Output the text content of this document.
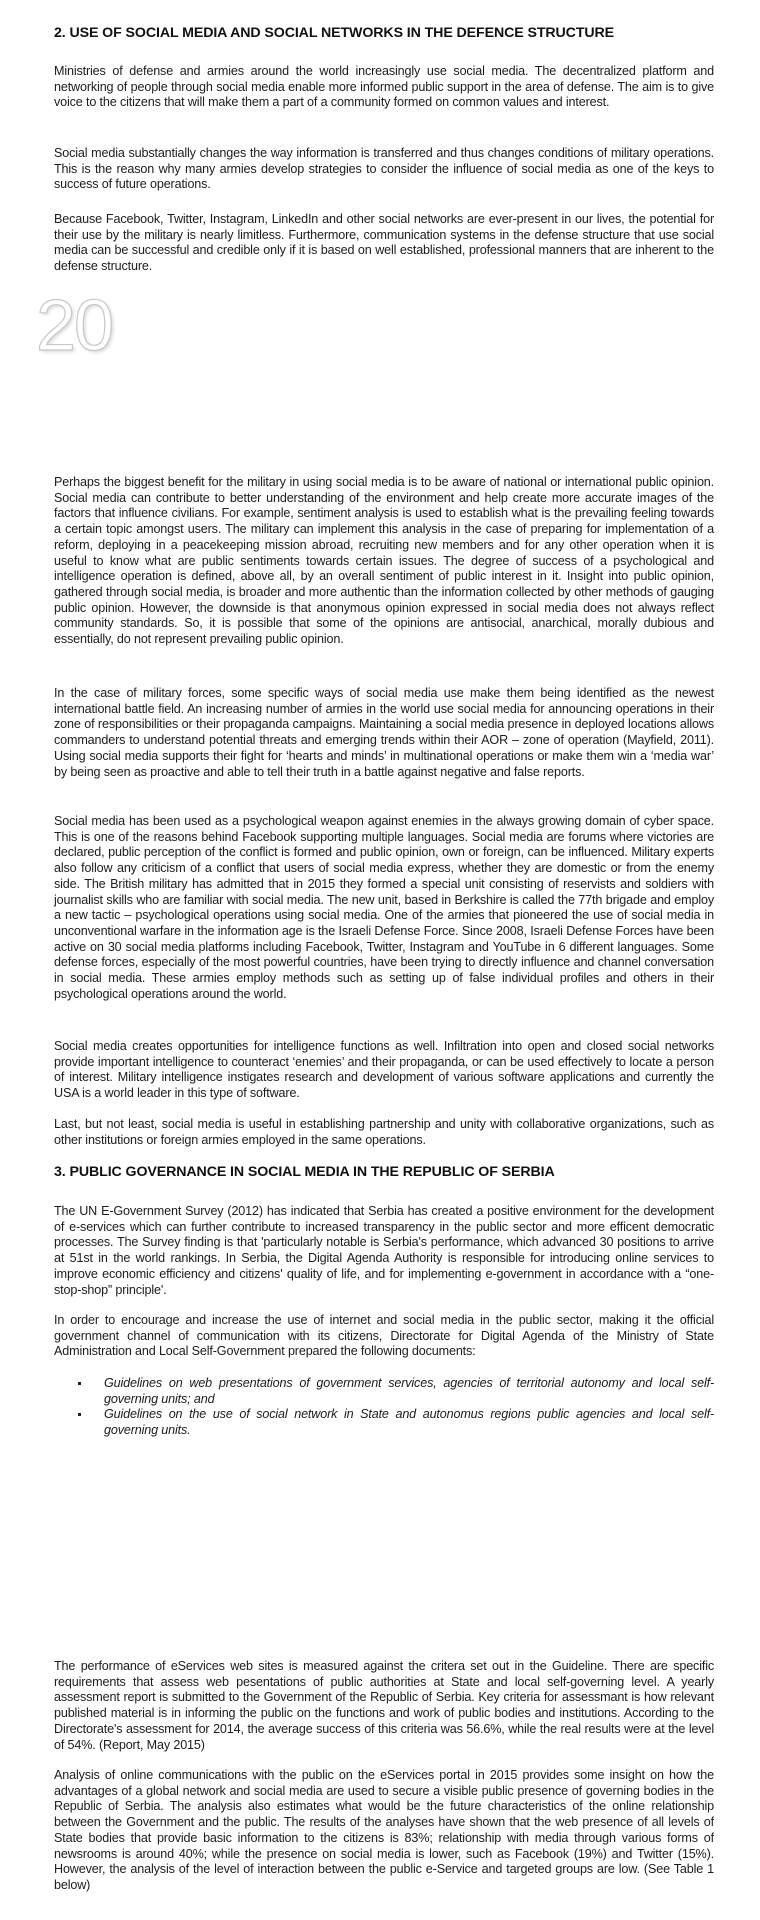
2. USE OF SOCIAL MEDIA AND SOCIAL NETWORKS IN THE DEFENCE STRUCTURE

Ministries of defense and armies around the world increasingly use social media. The decentralized platform and networking of people through social media enable more informed public support in the area of defense. The aim is to give voice to the citizens that will make them a part of a community formed on common values and interest.

Social media substantially changes the way information is transferred and thus changes conditions of military operations. This is the reason why many armies develop strategies to consider the influence of social media as one of the keys to success of future operations.

Because Facebook, Twitter, Instagram, LinkedIn and other social networks are ever-present in our lives, the potential for their use by the military is nearly limitless. Furthermore, communication systems in the defense structure that use social media can be successful and credible only if it is based on well established, professional manners that are inherent to the defense structure.

20

Perhaps the biggest benefit for the military in using social media is to be aware of national or international public opinion. Social media can contribute to better understanding of the environment and help create more accurate images of the factors that influence civilians. For example, sentiment analysis is used to establish what is the prevailing feeling towards a certain topic amongst users. The military can implement this analysis in the case of preparing for implementation of a reform, deploying in a peacekeeping mission abroad, recruiting new members and for any other operation when it is useful to know what are public sentiments towards certain issues. The degree of success of a psychological and intelligence operation is defined, above all, by an overall sentiment of public interest in it. Insight into public opinion, gathered through social media, is broader and more authentic than the information collected by other methods of gauging public opinion. However, the downside is that anonymous opinion expressed in social media does not always reflect community standards. So, it is possible that some of the opinions are antisocial, anarchical, morally dubious and essentially, do not represent prevailing public opinion.

In the case of military forces, some specific ways of social media use make them being identified as the newest international battle field. An increasing number of armies in the world use social media for announcing operations in their zone of responsibilities or their propaganda campaigns. Maintaining a social media presence in deployed locations allows commanders to understand potential threats and emerging trends within their AOR – zone of operation (Mayfield, 2011). Using social media supports their fight for ‘hearts and minds’ in multinational operations or make them win a ‘media war’ by being seen as proactive and able to tell their truth in a battle against negative and false reports.

Social media has been used as a psychological weapon against enemies in the always growing domain of cyber space. This is one of the reasons behind Facebook supporting multiple languages. Social media are forums where victories are declared, public perception of the conflict is formed and public opinion, own or foreign, can be influenced. Military experts also follow any criticism of a conflict that users of social media express, whether they are domestic or from the enemy side. The British military has admitted that in 2015 they formed a special unit consisting of reservists and soldiers with journalist skills who are familiar with social media. The new unit, based in Berkshire is called the 77th brigade and employ a new tactic – psychological operations using social media. One of the armies that pioneered the use of social media in unconventional warfare in the information age is the Israeli Defense Force. Since 2008, Israeli Defense Forces have been active on 30 social media platforms including Facebook, Twitter, Instagram and YouTube in 6 different languages. Some defense forces, especially of the most powerful countries, have been trying to directly influence and channel conversation in social media. These armies employ methods such as setting up of false individual profiles and others in their psychological operations around the world.

Social media creates opportunities for intelligence functions as well. Infiltration into open and closed social networks provide important intelligence to counteract ‘enemies’ and their propaganda, or can be used effectively to locate a person of interest. Military intelligence instigates research and development of various software applications and currently the USA is a world leader in this type of software.

Last, but not least, social media is useful in establishing partnership and unity with collaborative organizations, such as other institutions or foreign armies employed in the same operations.

3. PUBLIC GOVERNANCE IN SOCIAL MEDIA IN THE REPUBLIC OF SERBIA

The UN E-Government Survey (2012) has indicated that Serbia has created a positive environment for the development of e-services which can further contribute to increased transparency in the public sector and more efficent democratic processes. The Survey finding is that 'particularly notable is Serbia's performance, which advanced 30 positions to arrive at 51st in the world rankings. In Serbia, the Digital Agenda Authority is responsible for introducing online services to improve economic efficiency and citizens' quality of life, and for implementing e-government in accordance with a “one-stop-shop” principle'.

In order to encourage and increase the use of internet and social media in the public sector, making it the official government channel of communication with its citizens, Directorate for Digital Agenda of the Ministry of State Administration and Local Self-Government prepared the following documents:

Guidelines on web presentations of government services, agencies of territorial autonomy and local self-governing units; and
Guidelines on the use of social network in State and autonomus regions public agencies and local self-governing units.

The performance of eServices web sites is measured against the critera set out in the Guideline. There are specific requirements that assess web pesentations of public authorities at State and local self-governing level. A yearly assessment report is submitted to the Government of the Republic of Serbia. Key criteria for assessmant is how relevant published material is in informing the public on the functions and work of public bodies and institutions. According to the Directorate's assessment for 2014, the average success of this criteria was 56.6%, while the real results were at the level of 54%. (Report, May 2015)

Analysis of online communications with the public on the eServices portal in 2015 provides some insight on how the advantages of a global network and social media are used to secure a visible public presence of governing bodies in the Republic of Serbia. The analysis also estimates what would be the future characteristics of the online relationship between the Government and the public. The results of the analyses have shown that the web presence of all levels of State bodies that provide basic information to the citizens is 83%; relationship with media through various forms of newsrooms is around 40%; while the presence on social media is lower, such as Facebook (19%) and Twitter (15%). However, the analysis of the level of interaction between the public e-Service and targeted groups are low. (See Table 1 below)
